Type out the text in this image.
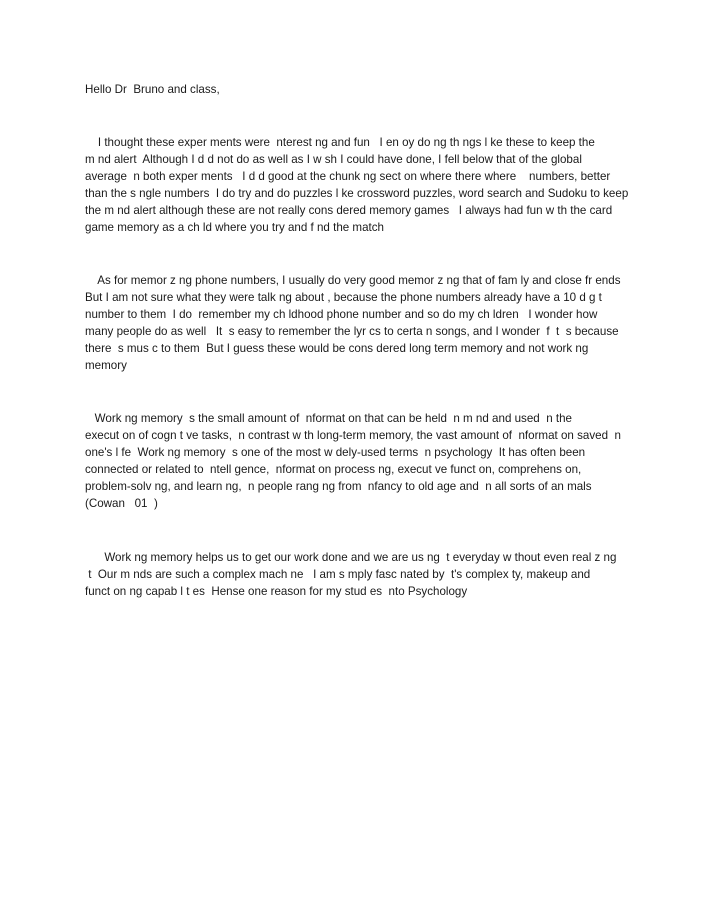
Hello Dr  Bruno and class,
I thought these exper ments were  nterest ng and fun   I en oy do ng th ngs l ke these to keep the
m nd alert  Although I d d not do as well as I w sh I could have done, I fell below that of the global
average  n both exper ments   I d d good at the chunk ng sect on where there where    numbers, better
than the s ngle numbers  I do try and do puzzles l ke crossword puzzles, word search and Sudoku to keep
the m nd alert although these are not really cons dered memory games   I always had fun w th the card
game memory as a ch ld where you try and f nd the match
As for memor z ng phone numbers, I usually do very good memor z ng that of fam ly and close fr ends
But I am not sure what they were talk ng about , because the phone numbers already have a 10 d g t
number to them  I do  remember my ch ldhood phone number and so do my ch ldren   I wonder how
many people do as well   It  s easy to remember the lyr cs to certa n songs, and I wonder  f  t  s because
there  s mus c to them  But I guess these would be cons dered long term memory and not work ng
memory
Work ng memory  s the small amount of  nformat on that can be held  n m nd and used  n the
execut on of cogn t ve tasks,  n contrast w th long-term memory, the vast amount of  nformat on saved  n
one's l fe  Work ng memory  s one of the most w dely-used terms  n psychology  It has often been
connected or related to  ntell gence,  nformat on process ng, execut ve funct on, comprehens on,
problem-solv ng, and learn ng,  n people rang ng from  nfancy to old age and  n all sorts of an mals
(Cowan   01  )
Work ng memory helps us to get our work done and we are us ng  t everyday w thout even real z ng
t  Our m nds are such a complex mach ne   I am s mply fasc nated by  t's complex ty, makeup and
funct on ng capab l t es  Hense one reason for my stud es  nto Psychology
